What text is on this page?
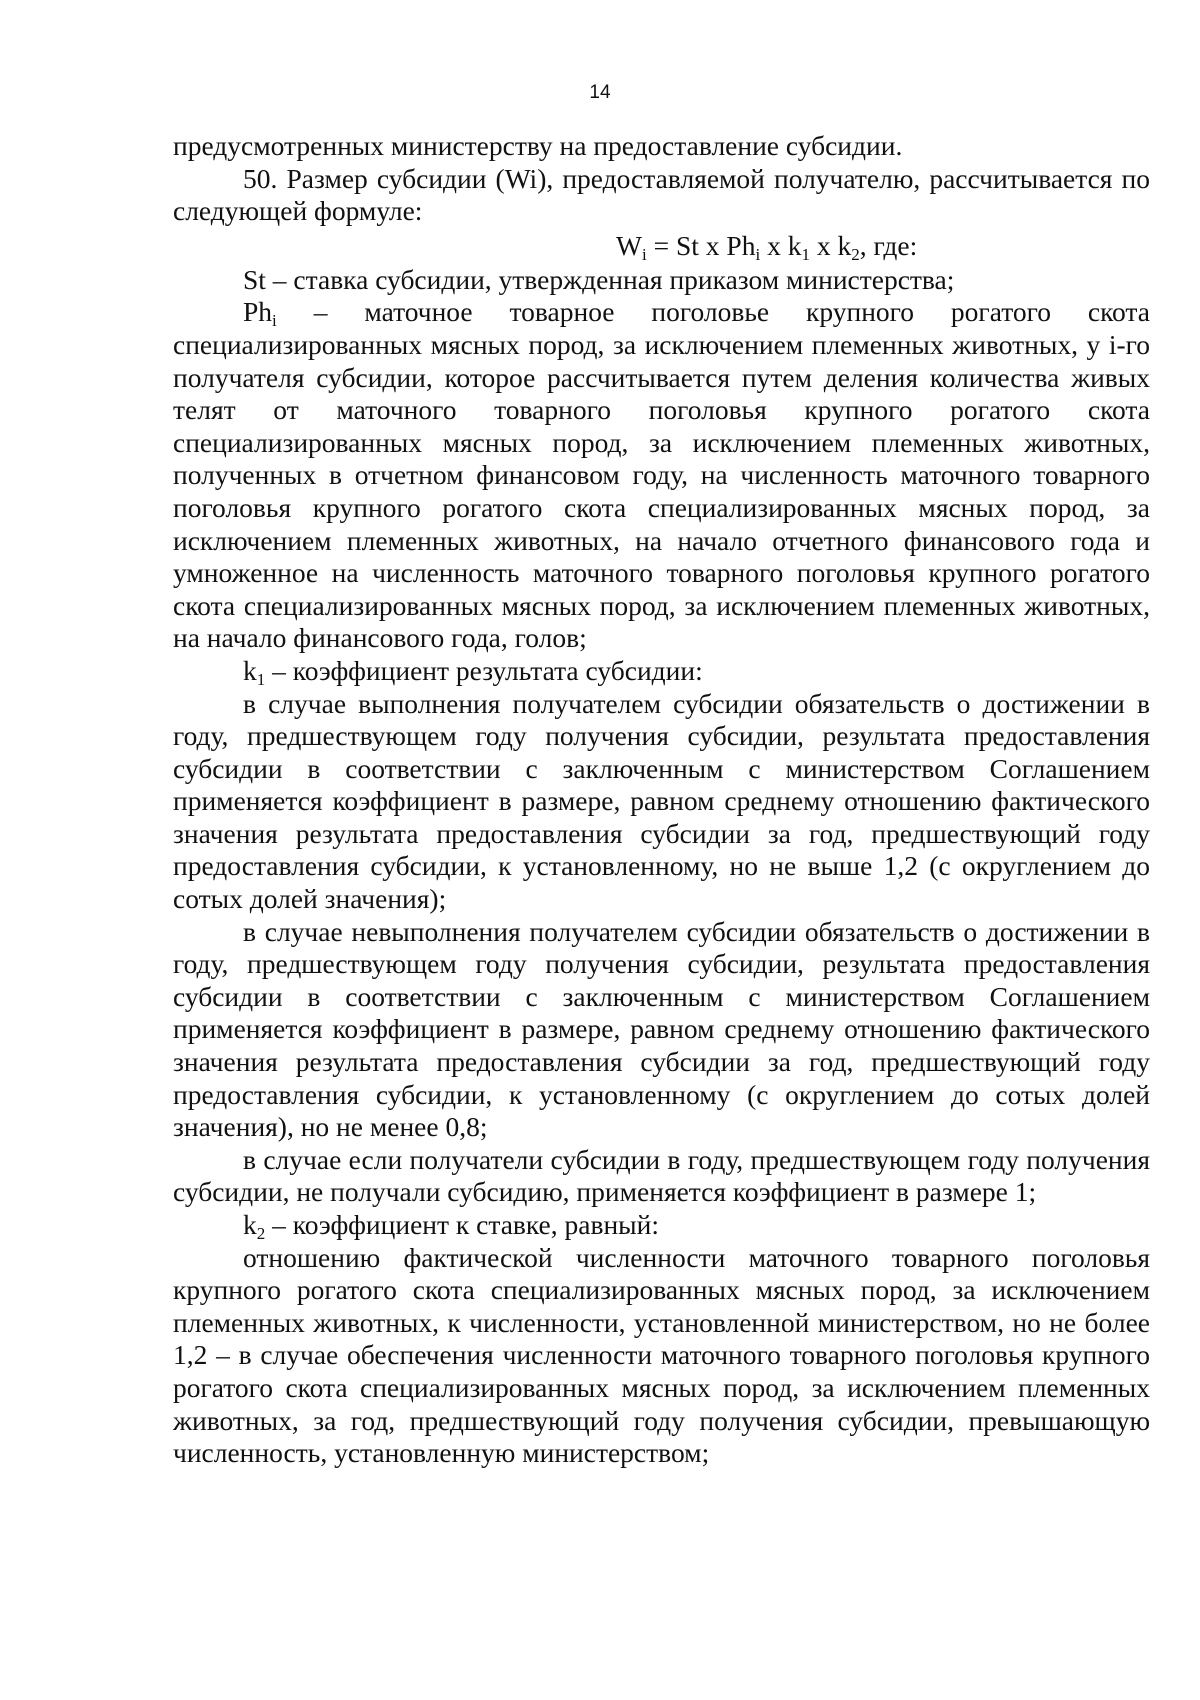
14

предусмотренных министерству на предоставление субсидии.

50. Размер субсидии (Wi), предоставляемой получателю, рассчитывается по следующей формуле:

$W_i = St$ x $Ph_i$ x $k_1$ x $k_2$, где:

St – ставка субсидии, утвержденная приказом министерства;

$Ph_i$ – маточное товарное поголовье крупного рогатого скота специализированных мясных пород, за исключением племенных животных, у i-го получателя субсидии, которое рассчитывается путем деления количества живых телят от маточного товарного поголовья крупного рогатого скота специализированных мясных пород, за исключением племенных животных, полученных в отчетном финансовом году, на численность маточного товарного поголовья крупного рогатого скота специализированных мясных пород, за исключением племенных животных, на начало отчетного финансового года и умноженное на численность маточного товарного поголовья крупного рогатого скота специализированных мясных пород, за исключением племенных животных, на начало финансового года, голов;

$k_1$ – коэффициент результата субсидии:

в случае выполнения получателем субсидии обязательств о достижении в году, предшествующем году получения субсидии, результата предоставления субсидии в соответствии с заключенным с министерством Соглашением применяется коэффициент в размере, равном среднему отношению фактического значения результата предоставления субсидии за год, предшествующий году предоставления субсидии, к установленному, но не выше 1,2 (с округлением до сотых долей значения);

в случае невыполнения получателем субсидии обязательств о достижении в году, предшествующем году получения субсидии, результата предоставления субсидии в соответствии с заключенным с министерством Соглашением применяется коэффициент в размере, равном среднему отношению фактического значения результата предоставления субсидии за год, предшествующий году предоставления субсидии, к установленному (с округлением до сотых долей значения), но не менее 0,8;

в случае если получатели субсидии в году, предшествующем году получения субсидии, не получали субсидию, применяется коэффициент в размере 1;

$k_2$ – коэффициент к ставке, равный:

отношению фактической численности маточного товарного поголовья крупного рогатого скота специализированных мясных пород, за исключением племенных животных, к численности, установленной министерством, но не более 1,2 – в случае обеспечения численности маточного товарного поголовья крупного рогатого скота специализированных мясных пород, за исключением племенных животных, за год, предшествующий году получения субсидии, превышающую численность, установленную министерством;
